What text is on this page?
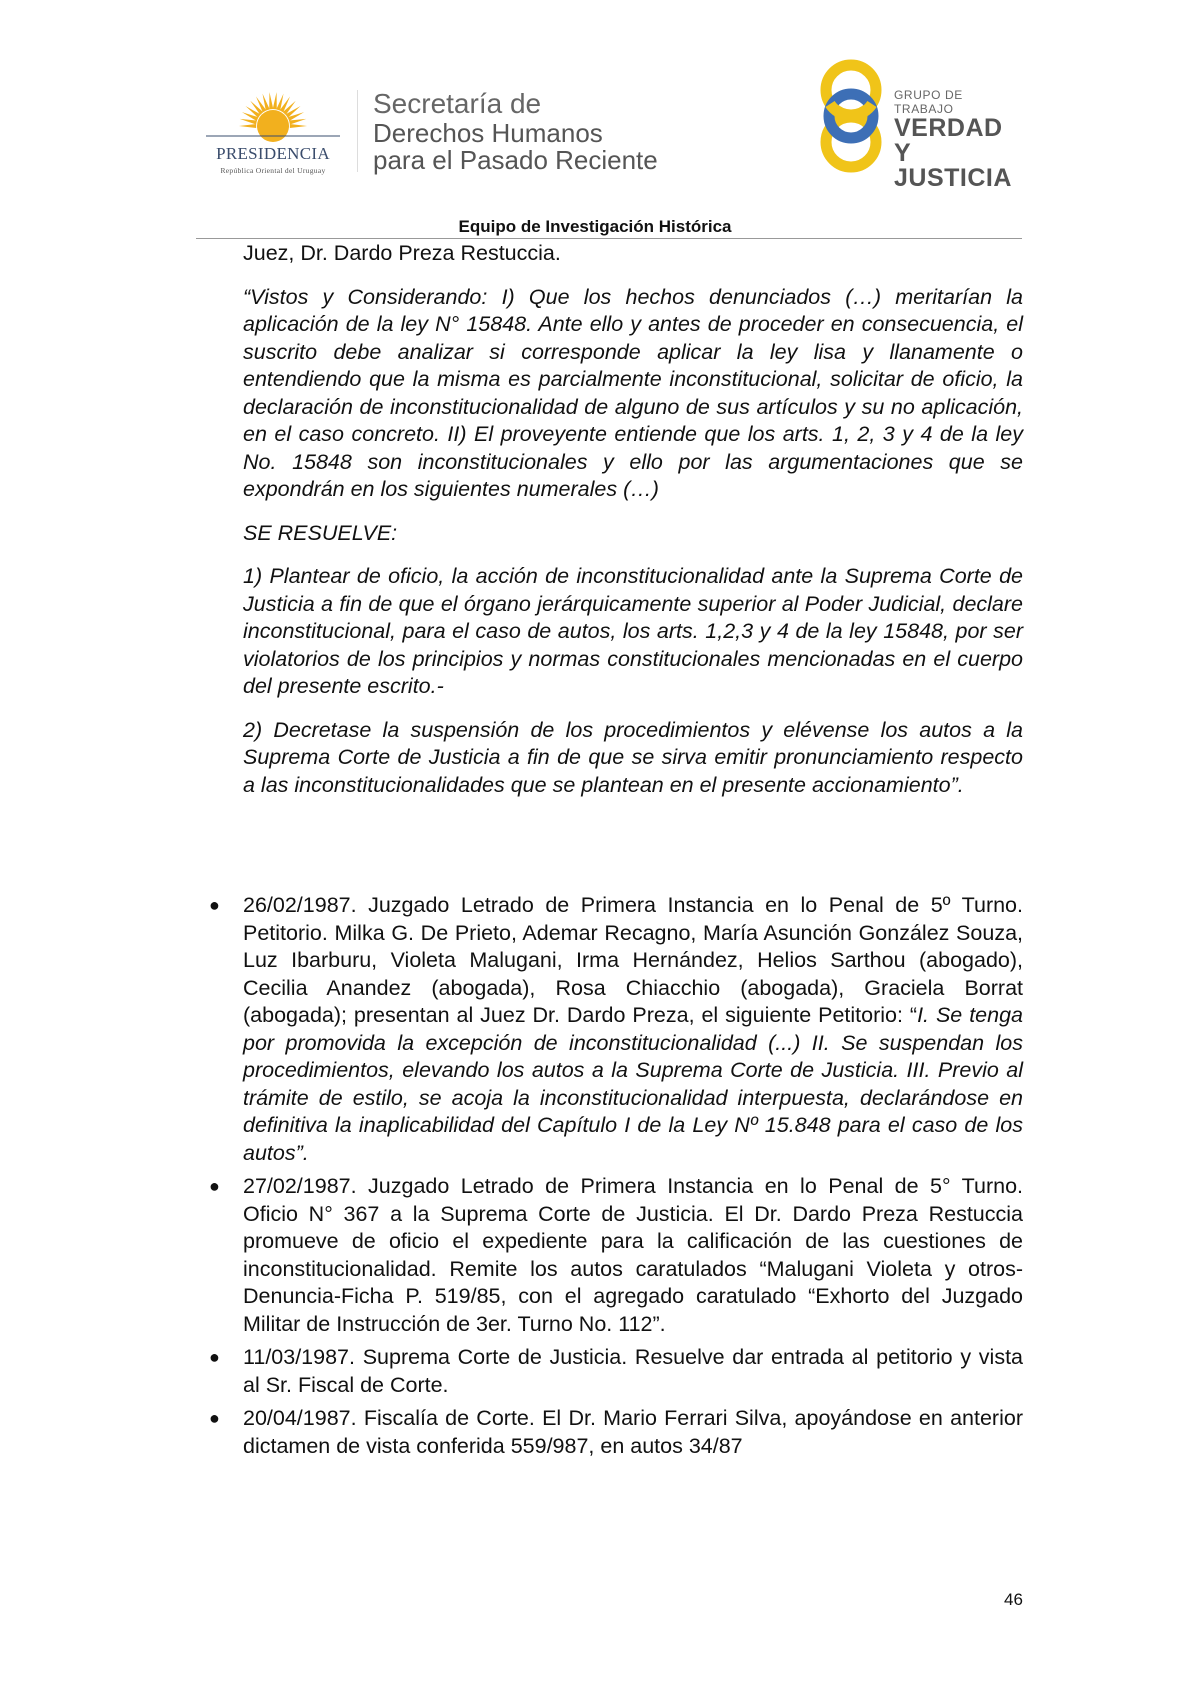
PRESIDENCIA
República Oriental del Uruguay
Secretaría de
Derechos Humanos
para el Pasado Reciente
GRUPO DE TRABAJO
VERDAD Y
JUSTICIA
Equipo de Investigación Histórica

Juez, Dr. Dardo Preza Restuccia.

“Vistos y Considerando: I) Que los hechos denunciados (…) meritarían la aplicación de la ley N° 15848. Ante ello y antes de proceder en consecuencia, el suscrito debe analizar si corresponde aplicar la ley lisa y llanamente o entendiendo que la misma es parcialmente inconstitucional, solicitar de oficio, la declaración de inconstitucionalidad de alguno de sus artículos y su no aplicación, en el caso concreto. II) El proveyente entiende que los arts. 1, 2, 3 y 4 de la ley No. 15848 son inconstitucionales y ello por las argumentaciones que se expondrán en los siguientes numerales (…)

SE RESUELVE:

1) Plantear de oficio, la acción de inconstitucionalidad ante la Suprema Corte de Justicia a fin de que el órgano jerárquicamente superior al Poder Judicial, declare inconstitucional, para el caso de autos, los arts. 1,2,3 y 4 de la ley 15848, por ser violatorios de los principios y normas constitucionales mencionadas en el cuerpo del presente escrito.-

2) Decretase la suspensión de los procedimientos y elévense los autos a la Suprema Corte de Justicia a fin de que se sirva emitir pronunciamiento respecto a las inconstitucionalidades que se plantean en el presente accionamiento”.

● 26/02/1987. Juzgado Letrado de Primera Instancia en lo Penal de 5º Turno. Petitorio. Milka G. De Prieto, Ademar Recagno, María Asunción González Souza, Luz Ibarburu, Violeta Malugani, Irma Hernández, Helios Sarthou (abogado), Cecilia Anandez (abogada), Rosa Chiacchio (abogada), Graciela Borrat (abogada); presentan al Juez Dr. Dardo Preza, el siguiente Petitorio: “I. Se tenga por promovida la excepción de inconstitucionalidad (...) II. Se suspendan los procedimientos, elevando los autos a la Suprema Corte de Justicia. III. Previo al trámite de estilo, se acoja la inconstitucionalidad interpuesta, declarándose en definitiva la inaplicabilidad del Capítulo I de la Ley Nº 15.848 para el caso de los autos”.
● 27/02/1987. Juzgado Letrado de Primera Instancia en lo Penal de 5° Turno. Oficio N° 367 a la Suprema Corte de Justicia. El Dr. Dardo Preza Restuccia promueve de oficio el expediente para la calificación de las cuestiones de inconstitucionalidad. Remite los autos caratulados “Malugani Violeta y otros-Denuncia-Ficha P. 519/85, con el agregado caratulado “Exhorto del Juzgado Militar de Instrucción de 3er. Turno No. 112”.
● 11/03/1987. Suprema Corte de Justicia. Resuelve dar entrada al petitorio y vista al Sr. Fiscal de Corte.
● 20/04/1987. Fiscalía de Corte. El Dr. Mario Ferrari Silva, apoyándose en anterior dictamen de vista conferida 559/987, en autos 34/87
46
